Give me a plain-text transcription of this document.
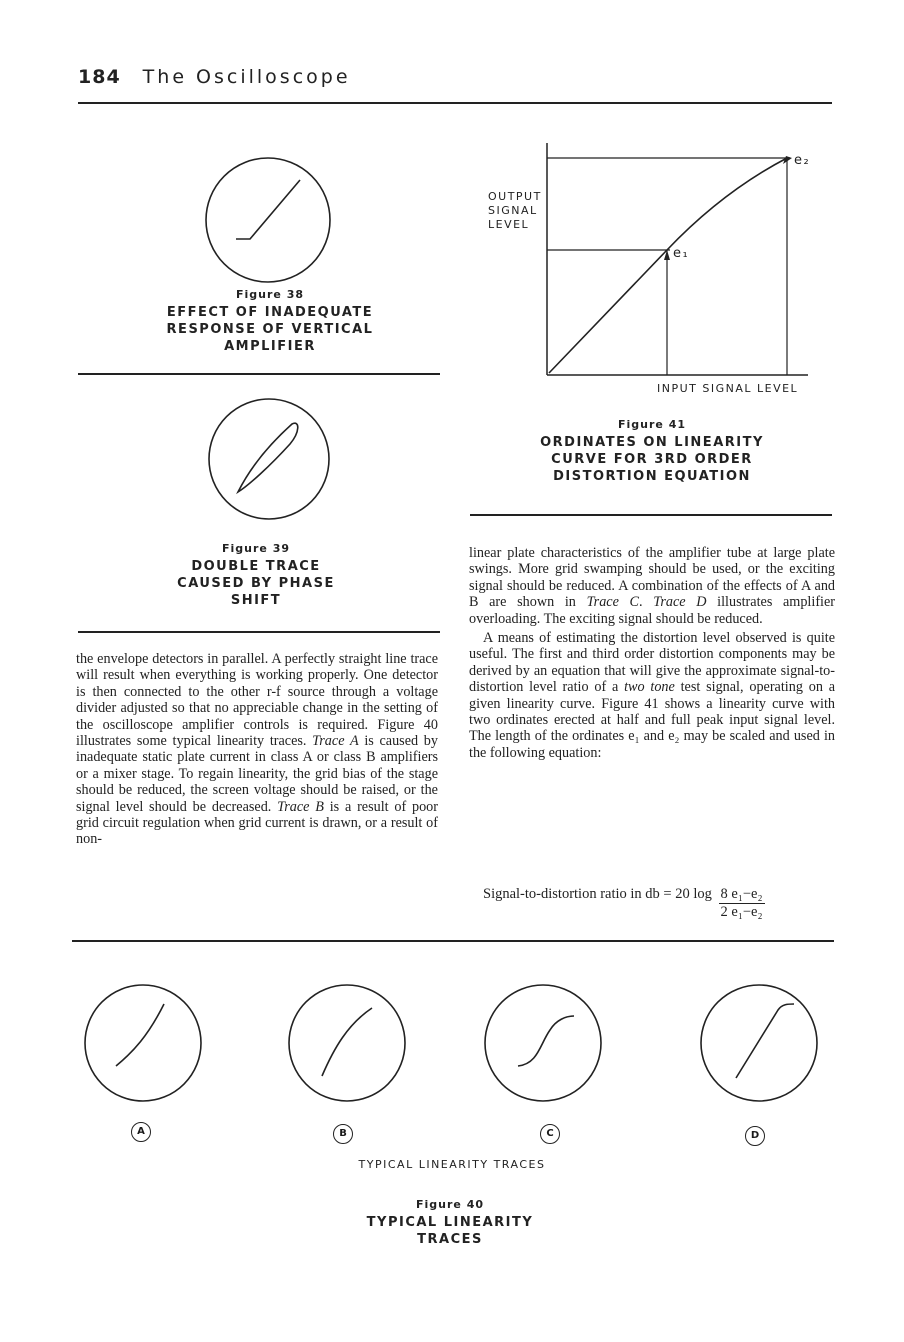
184 The Oscilloscope
Figure 38
EFFECT OF INADEQUATE
RESPONSE OF VERTICAL
AMPLIFIER
Figure 39
DOUBLE TRACE
CAUSED BY PHASE
SHIFT
OUTPUT
SIGNAL
LEVEL
INPUT SIGNAL LEVEL
e₁
e₂
Figure 41
ORDINATES ON LINEARITY
CURVE FOR 3RD ORDER
DISTORTION EQUATION

the envelope detectors in parallel. A perfectly straight line trace will result when everything is working properly. One detector is then connected to the other r-f source through a voltage divider adjusted so that no appreciable change in the setting of the oscilloscope amplifier controls is required. Figure 40 illustrates some typical linearity traces. Trace A is caused by inadequate static plate current in class A or class B amplifiers or a mixer stage. To regain linearity, the grid bias of the stage should be reduced, the screen voltage should be raised, or the signal level should be decreased. Trace B is a result of poor grid circuit regulation when grid current is drawn, or a result of non-

linear plate characteristics of the amplifier tube at large plate swings. More grid swamping should be used, or the exciting signal should be reduced. A combination of the effects of A and B are shown in Trace C. Trace D illustrates amplifier overloading. The exciting signal should be reduced.

A means of estimating the distortion level observed is quite useful. The first and third order distortion components may be derived by an equation that will give the approximate signal-to-distortion level ratio of a two tone test signal, operating on a given linearity curve. Figure 41 shows a linearity curve with two ordinates erected at half and full peak input signal level. The length of the ordinates e₁ and e₂ may be scaled and used in the following equation:

Signal-to-distortion ratio in db = 20 $\log \frac{\text{8 e₁−e₂}}{\text{2 e₁−e₂}}$
A	B	C	D
TYPICAL LINEARITY TRACES
Figure 40
TYPICAL LINEARITY
TRACES
